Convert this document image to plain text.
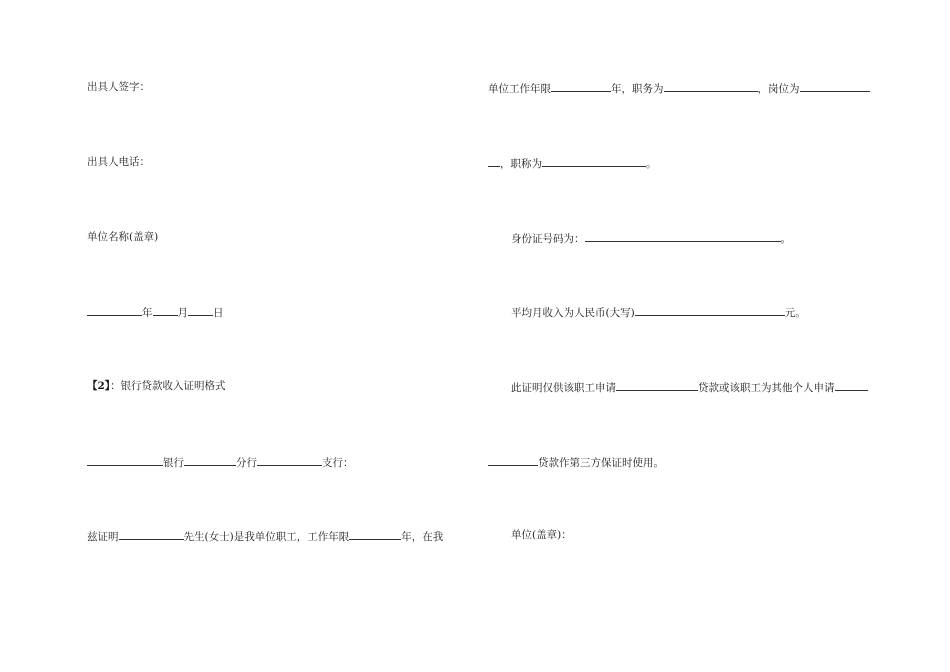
出具人签字：
出具人电话：
单位名称(盖章)
年 月 日
【2】：银行贷款收入证明格式
银行	分行	支行：
兹证明	先生(女士)是我单位职工，工作年限	年，在我
单位工作年限	年，职务为	，岗位为
，职称为	。
身份证号码为：	。
平均月收入为人民币(大写)	元。
此证明仅供该职工申请	贷款或该职工为其他个人申请
贷款作第三方保证时使用。
单位(盖章)：
